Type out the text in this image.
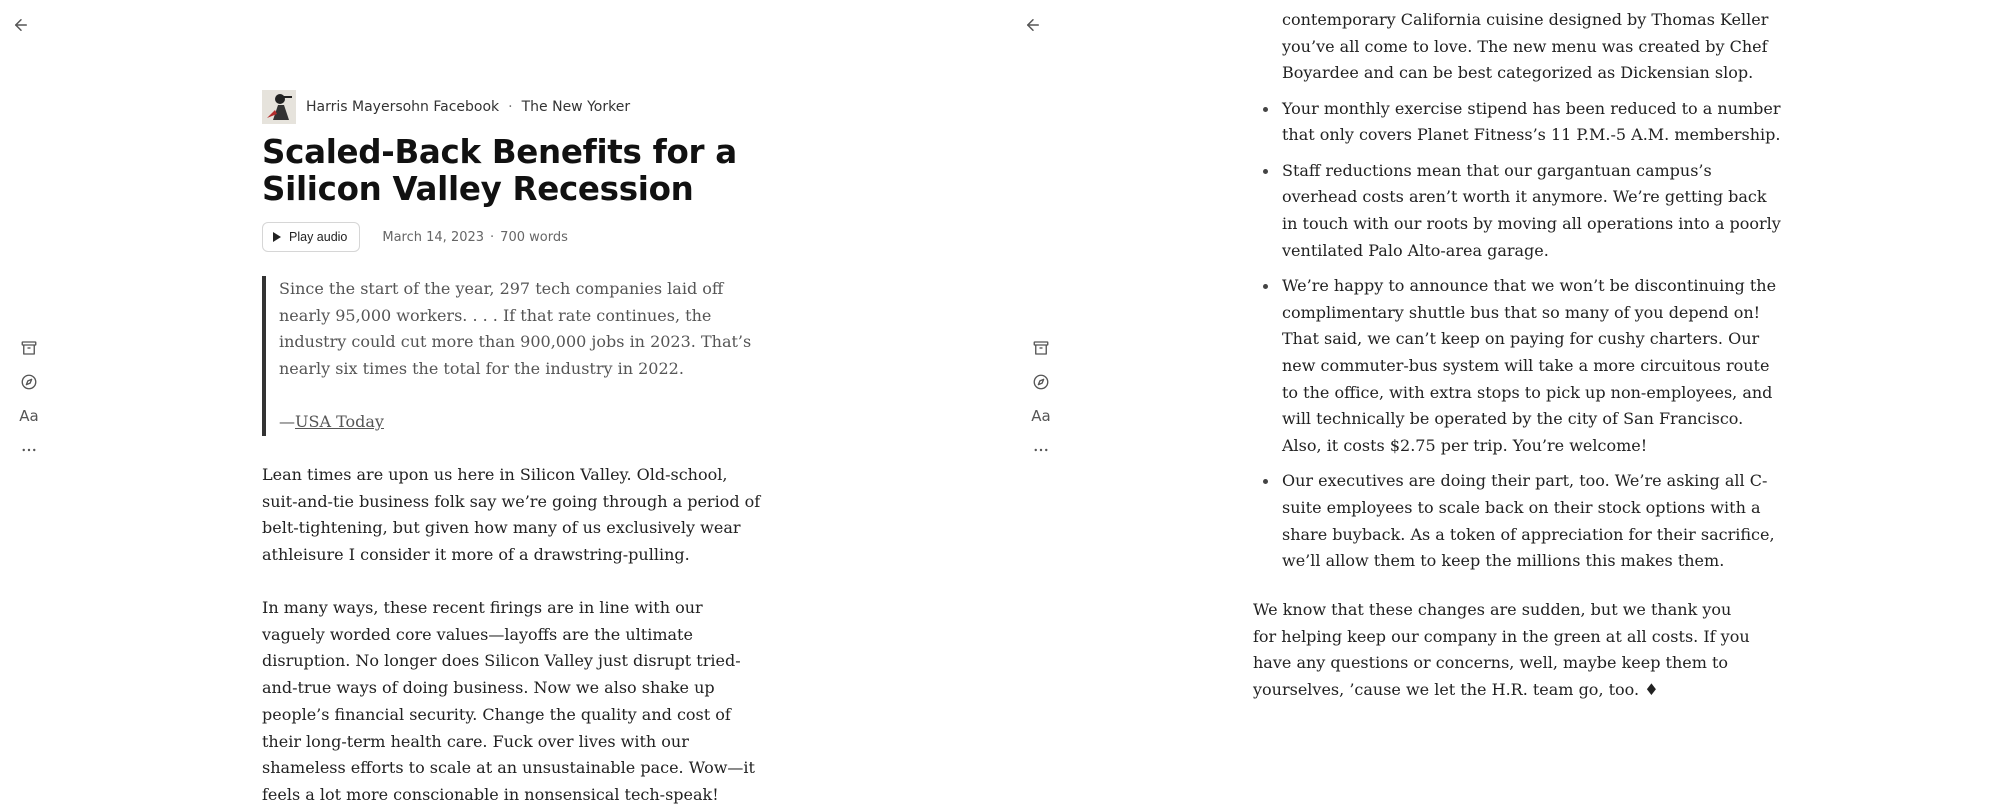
Aa
Harris Mayersohn Facebook · The New Yorker
Scaled-Back Benefits for a Silicon Valley Recession
Play audio	March 14, 2023 · 700 words
Since the start of the year, 297 tech companies laid off nearly 95,000 workers. . . . If that rate continues, the industry could cut more than 900,000 jobs in 2023. That’s nearly six times the total for the industry in 2022.
—USA Today

Lean times are upon us here in Silicon Valley. Old-school, suit-and-tie business folk say we’re going through a period of belt-tightening, but given how many of us exclusively wear athleisure I consider it more of a drawstring-pulling.

In many ways, these recent firings are in line with our vaguely worded core values—layoffs are the ultimate disruption. No longer does Silicon Valley just disrupt tried-and-true ways of doing business. Now we also shake up people’s financial security. Change the quality and cost of their long-term health care. Fuck over lives with our shameless efforts to scale at an unsustainable pace. Wow—it feels a lot more conscionable in nonsensical tech-speak!

Aa
contemporary California cuisine designed by Thomas Keller you’ve all come to love. The new menu was created by Chef Boyardee and can be best categorized as Dickensian slop.
Your monthly exercise stipend has been reduced to a number that only covers Planet Fitness’s 11 P.M.-5 A.M. membership.
Staff reductions mean that our gargantuan campus’s overhead costs aren’t worth it anymore. We’re getting back in touch with our roots by moving all operations into a poorly ventilated Palo Alto-area garage.
We’re happy to announce that we won’t be discontinuing the complimentary shuttle bus that so many of you depend on! That said, we can’t keep on paying for cushy charters. Our new commuter-bus system will take a more circuitous route to the office, with extra stops to pick up non-employees, and will technically be operated by the city of San Francisco. Also, it costs $2.75 per trip. You’re welcome!
Our executives are doing their part, too. We’re asking all C-suite employees to scale back on their stock options with a share buyback. As a token of appreciation for their sacrifice, we’ll allow them to keep the millions this makes them.

We know that these changes are sudden, but we thank you for helping keep our company in the green at all costs. If you have any questions or concerns, well, maybe keep them to yourselves, ’cause we let the H.R. team go, too. ♦
